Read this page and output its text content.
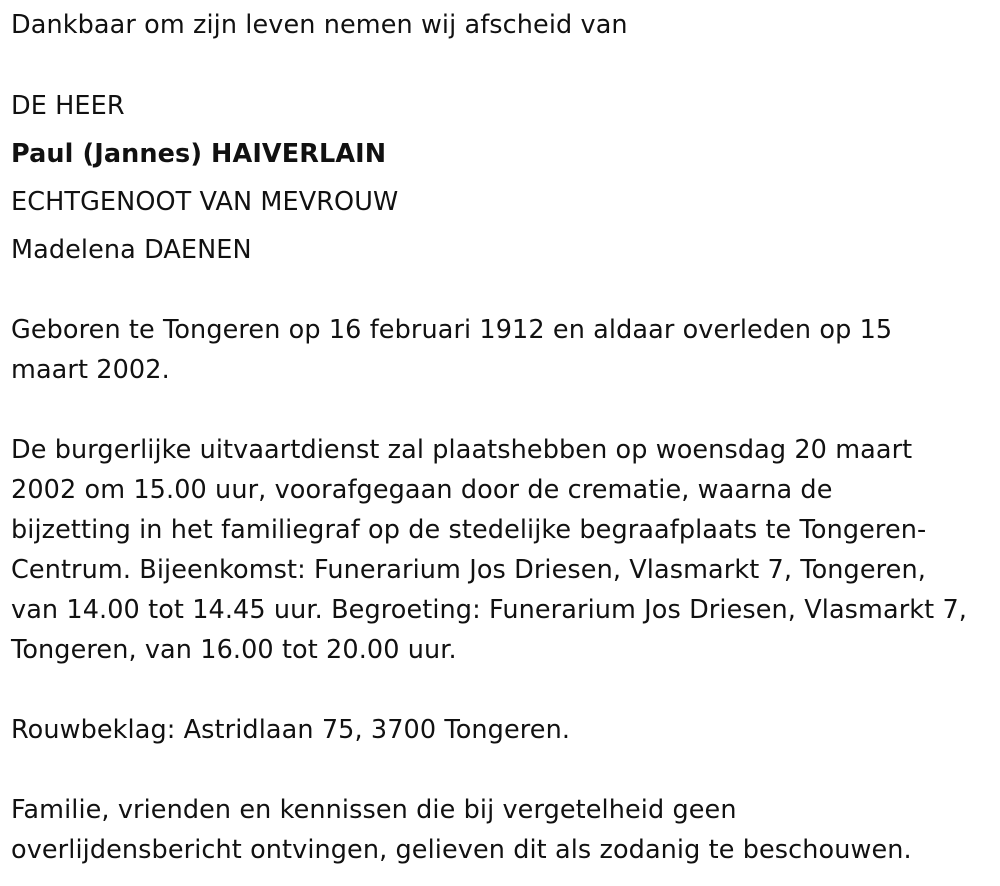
Dankbaar om zijn leven nemen wij afscheid van
DE HEER
Paul (Jannes) HAIVERLAIN
ECHTGENOOT VAN MEVROUW
Madelena DAENEN
Geboren te Tongeren op 16 februari 1912 en aldaar overleden op 15
maart 2002.
De burgerlijke uitvaartdienst zal plaatshebben op woensdag 20 maart
2002 om 15.00 uur, voorafgegaan door de crematie, waarna de
bijzetting in het familiegraf op de stedelijke begraafplaats te Tongeren-
Centrum. Bijeenkomst: Funerarium Jos Driesen, Vlasmarkt 7, Tongeren,
van 14.00 tot 14.45 uur. Begroeting: Funerarium Jos Driesen, Vlasmarkt 7,
Tongeren, van 16.00 tot 20.00 uur.
Rouwbeklag: Astridlaan 75, 3700 Tongeren.
Familie, vrienden en kennissen die bij vergetelheid geen
overlijdensbericht ontvingen, gelieven dit als zodanig te beschouwen.
